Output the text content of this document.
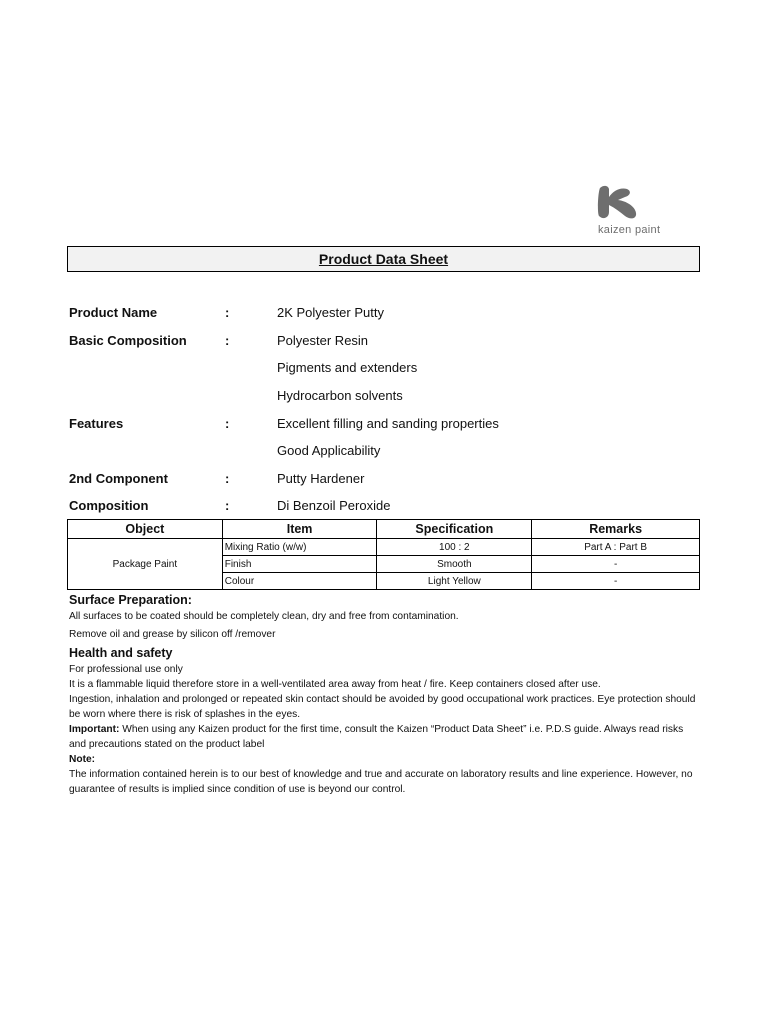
kaizen paint
Product Data Sheet
Product Name	:	2K Polyester Putty
Basic Composition	:	Polyester Resin
Pigments and extenders
Hydrocarbon solvents
Features	:	Excellent filling and sanding properties
Good Applicability
2nd Component	:	Putty Hardener
Composition	:	Di Benzoil Peroxide
Object	Item	Specification	Remarks
Package Paint	Mixing Ratio (w/w)	100 : 2	Part A : Part B
	Finish	Smooth	-
	Colour	Light Yellow	-

Surface Preparation:

All surfaces to be coated should be completely clean, dry and free from contamination.

Remove oil and grease by silicon off /remover

Health and safety

For professional use only

It is a flammable liquid therefore store in a well-ventilated area away from heat / fire. Keep containers closed after use.

Ingestion, inhalation and prolonged or repeated skin contact should be avoided by good occupational work practices. Eye protection should be worn where there is risk of splashes in the eyes.

Important: When using any Kaizen product for the first time, consult the Kaizen “Product Data Sheet” i.e. P.D.S guide. Always read risks and precautions stated on the product label

Note:

The information contained herein is to our best of knowledge and true and accurate on laboratory results and line experience. However, no guarantee of results is implied since condition of use is beyond our control.
